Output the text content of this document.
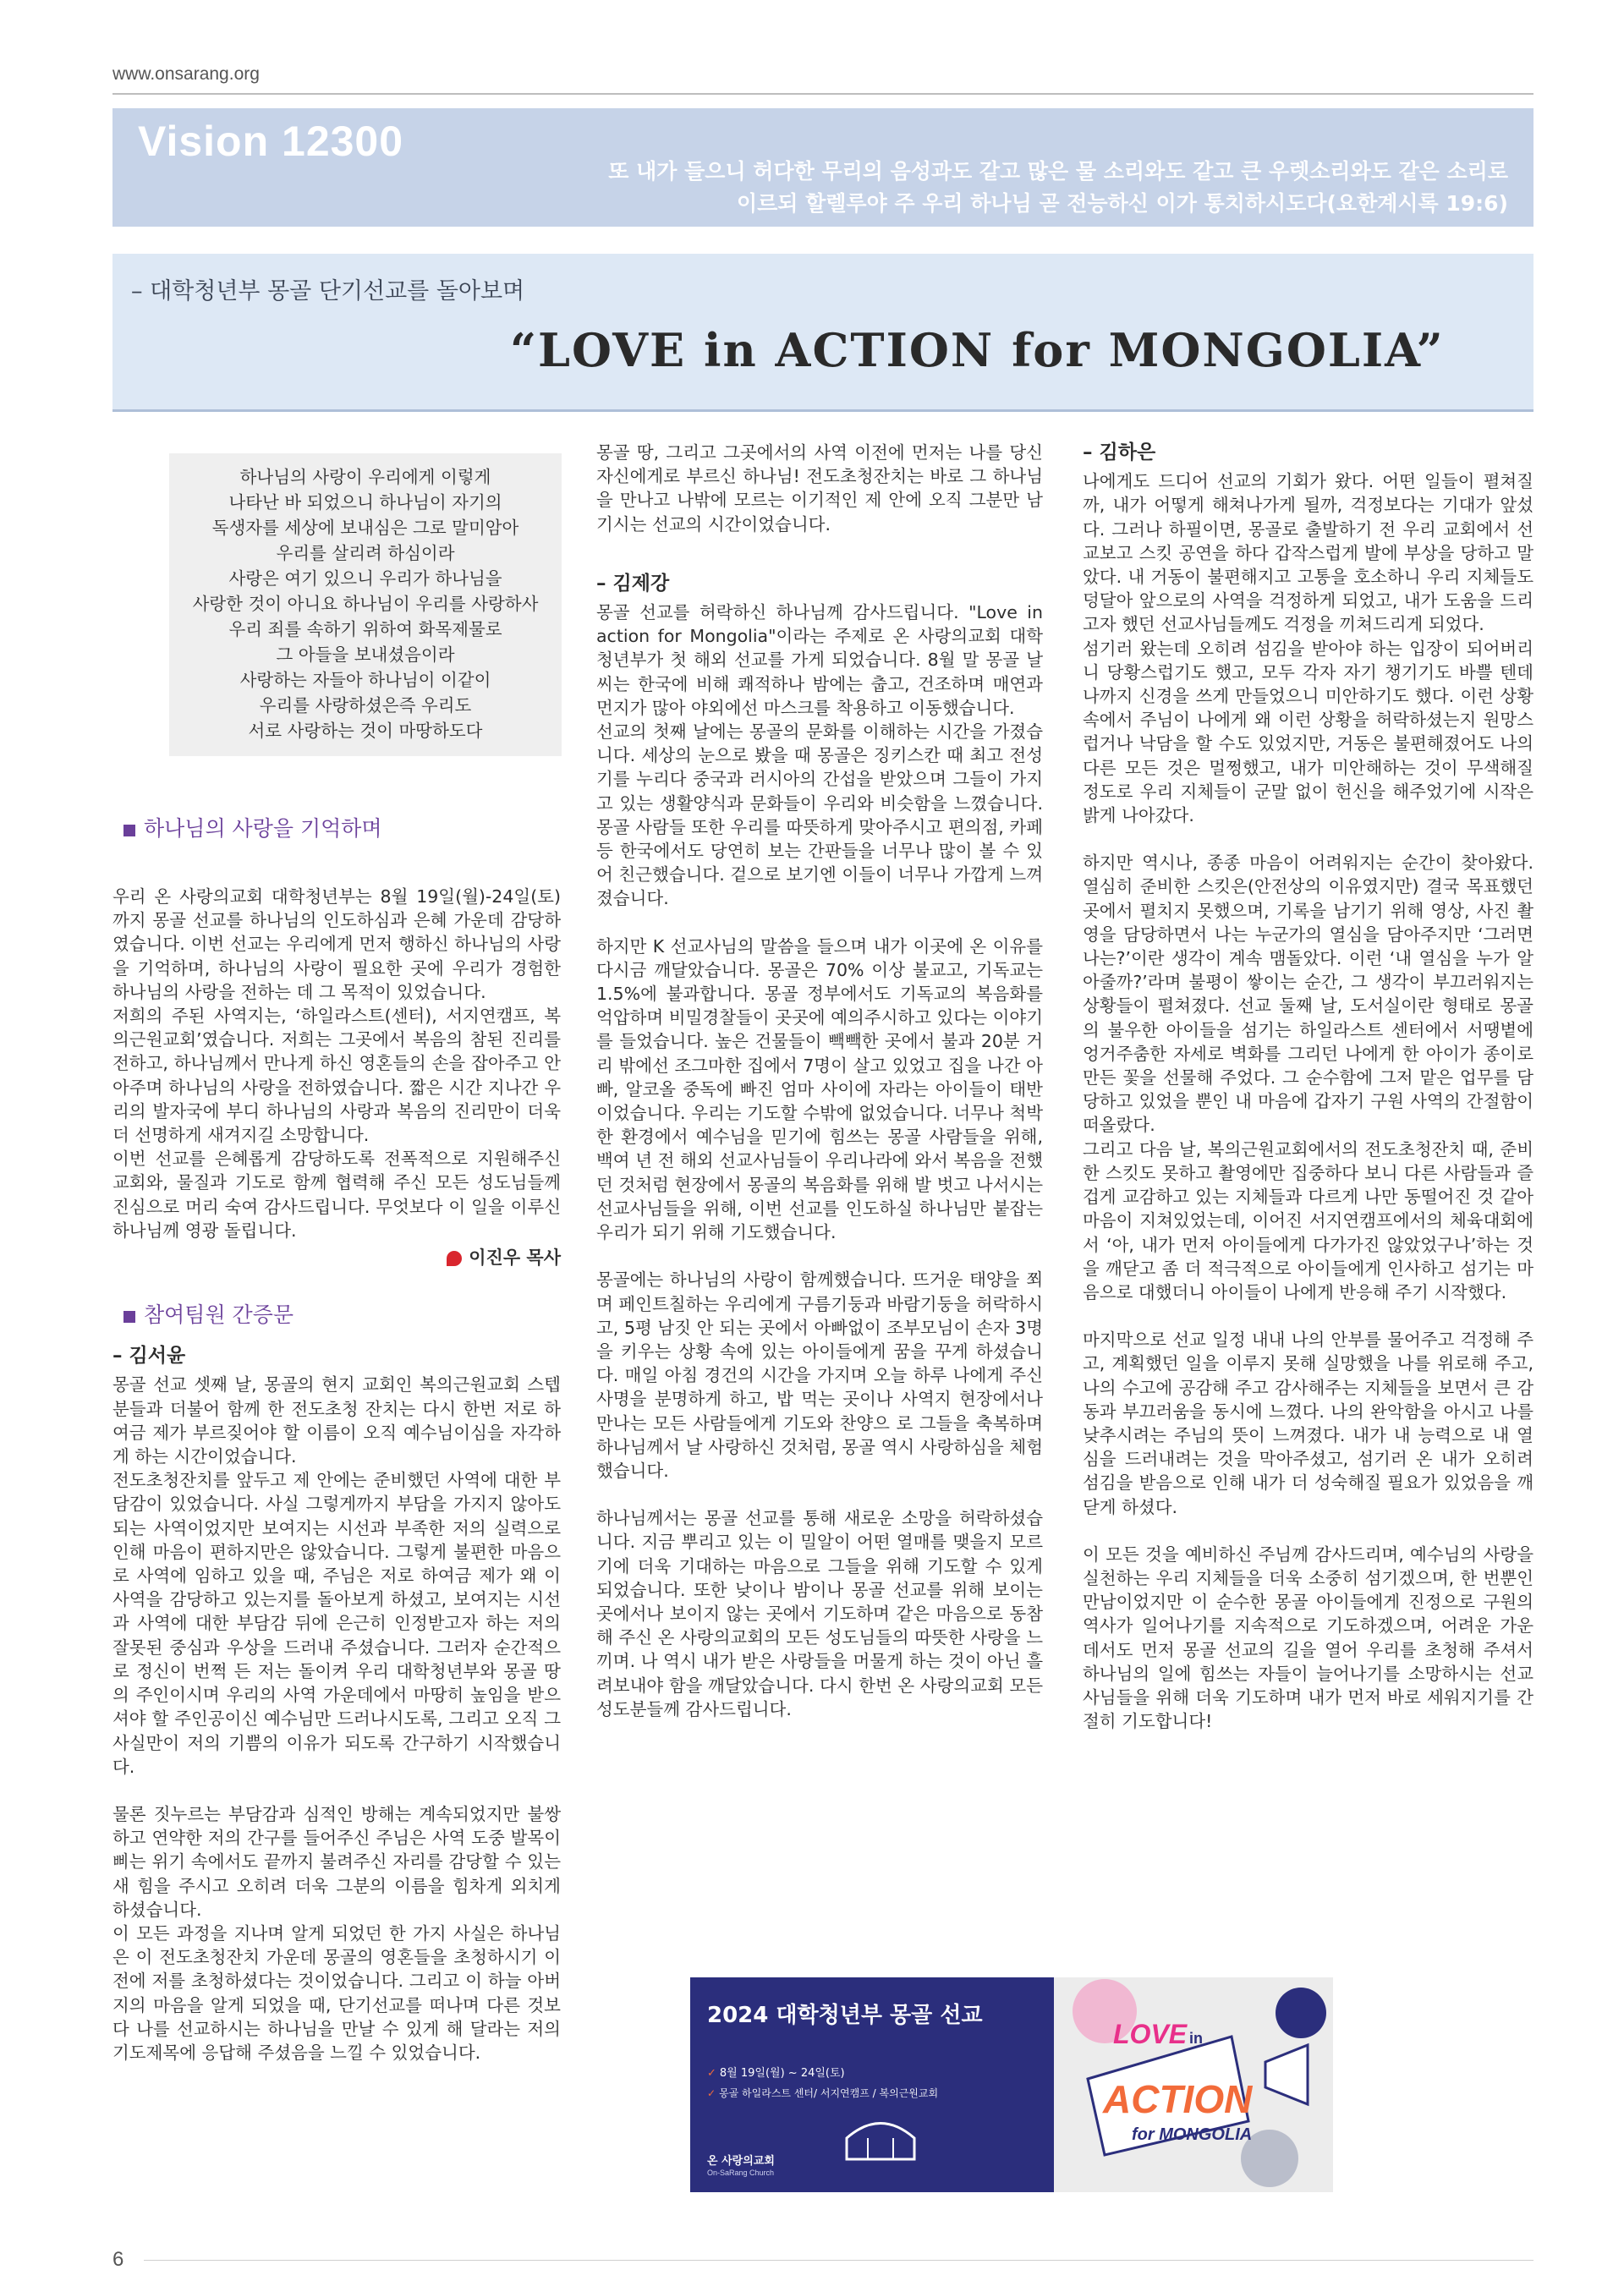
www.onsarang.org
Vision 12300
또 내가 들으니 허다한 무리의 음성과도 같고 많은 물 소리와도 같고 큰 우렛소리와도 같은 소리로
이르되 할렐루야 주 우리 하나님 곧 전능하신 이가 통치하시도다(요한계시록 19:6)
– 대학청년부 몽골 단기선교를 돌아보며
“LOVE in ACTION for MONGOLIA”
하나님의 사랑이 우리에게 이렇게
나타난 바 되었으니 하나님이 자기의
독생자를 세상에 보내심은 그로 말미암아
우리를 살리려 하심이라
사랑은 여기 있으니 우리가 하나님을
사랑한 것이 아니요 하나님이 우리를 사랑하사
우리 죄를 속하기 위하여 화목제물로
그 아들을 보내셨음이라
사랑하는 자들아 하나님이 이같이
우리를 사랑하셨은즉 우리도
서로 사랑하는 것이 마땅하도다
하나님의 사랑을 기억하며

우리 온 사랑의교회 대학청년부는 8월 19일(월)-24일(토)까지 몽골 선교를 하나님의 인도하심과 은혜 가운데 감당하였습니다. 이번 선교는 우리에게 먼저 행하신 하나님의 사랑을 기억하며, 하나님의 사랑이 필요한 곳에 우리가 경험한 하나님의 사랑을 전하는 데 그 목적이 있었습니다.

저희의 주된 사역지는, ‘하일라스트(센터), 서지연캠프, 복의근원교회’였습니다. 저희는 그곳에서 복음의 참된 진리를 전하고, 하나님께서 만나게 하신 영혼들의 손을 잡아주고 안아주며 하나님의 사랑을 전하였습니다. 짧은 시간 지나간 우리의 발자국에 부디 하나님의 사랑과 복음의 진리만이 더욱더 선명하게 새겨지길 소망합니다.

이번 선교를 은혜롭게 감당하도록 전폭적으로 지원해주신 교회와, 물질과 기도로 함께 협력해 주신 모든 성도님들께 진심으로 머리 숙여 감사드립니다. 무엇보다 이 일을 이루신 하나님께 영광 돌립니다.

이진우 목사
– 김서윤

몽골 선교 셋째 날, 몽골의 현지 교회인 복의근원교회 스텝 분들과 더불어 함께 한 전도초청 잔치는 다시 한번 저로 하여금 제가 부르짖어야 할 이름이 오직 예수님이심을 자각하게 하는 시간이었습니다.

전도초청잔치를 앞두고 제 안에는 준비했던 사역에 대한 부담감이 있었습니다. 사실 그렇게까지 부담을 가지지 않아도 되는 사역이었지만 보여지는 시선과 부족한 저의 실력으로 인해 마음이 편하지만은 않았습니다. 그렇게 불편한 마음으로 사역에 임하고 있을 때, 주님은 저로 하여금 제가 왜 이 사역을 감당하고 있는지를 돌아보게 하셨고, 보여지는 시선과 사역에 대한 부담감 뒤에 은근히 인정받고자 하는 저의 잘못된 중심과 우상을 드러내 주셨습니다. 그러자 순간적으로 정신이 번쩍 든 저는 돌이켜 우리 대학청년부와 몽골 땅의 주인이시며 우리의 사역 가운데에서 마땅히 높임을 받으셔야 할 주인공이신 예수님만 드러나시도록, 그리고 오직 그 사실만이 저의 기쁨의 이유가 되도록 간구하기 시작했습니다.

물론 짓누르는 부담감과 심적인 방해는 계속되었지만 불쌍하고 연약한 저의 간구를 들어주신 주님은 사역 도중 발목이 삐는 위기 속에서도 끝까지 불려주신 자리를 감당할 수 있는 새 힘을 주시고 오히려 더욱 그분의 이름을 힘차게 외치게 하셨습니다.

이 모든 과정을 지나며 알게 되었던 한 가지 사실은 하나님은 이 전도초청잔치 가운데 몽골의 영혼들을 초청하시기 이전에 저를 초청하셨다는 것이었습니다. 그리고 이 하늘 아버지의 마음을 알게 되었을 때, 단기선교를 떠나며 다른 것보다 나를 선교하시는 하나님을 만날 수 있게 해 달라는 저의 기도제목에 응답해 주셨음을 느낄 수 있었습니다.

참여팀원 간증문

몽골 땅, 그리고 그곳에서의 사역 이전에 먼저는 나를 당신 자신에게로 부르신 하나님! 전도초청잔치는 바로 그 하나님을 만나고 나밖에 모르는 이기적인 제 안에 오직 그분만 남기시는 선교의 시간이었습니다.

– 김제강

몽골 선교를 허락하신 하나님께 감사드립니다. "Love in action for Mongolia"이라는 주제로 온 사랑의교회 대학청년부가 첫 해외 선교를 가게 되었습니다. 8월 말 몽골 날씨는 한국에 비해 쾌적하나 밤에는 춥고, 건조하며 매연과 먼지가 많아 야외에선 마스크를 착용하고 이동했습니다.

선교의 첫째 날에는 몽골의 문화를 이해하는 시간을 가졌습니다. 세상의 눈으로 봤을 때 몽골은 징키스칸 때 최고 전성기를 누리다 중국과 러시아의 간섭을 받았으며 그들이 가지고 있는 생활양식과 문화들이 우리와 비슷함을 느꼈습니다. 몽골 사람들 또한 우리를 따뜻하게 맞아주시고 편의점, 카페 등 한국에서도 당연히 보는 간판들을 너무나 많이 볼 수 있어 친근했습니다. 겉으로 보기엔 이들이 너무나 가깝게 느껴졌습니다.

하지만 K 선교사님의 말씀을 들으며 내가 이곳에 온 이유를 다시금 깨달았습니다. 몽골은 70% 이상 불교고, 기독교는 1.5%에 불과합니다. 몽골 정부에서도 기독교의 복음화를 억압하며 비밀경찰들이 곳곳에 예의주시하고 있다는 이야기를 들었습니다. 높은 건물들이 빽빽한 곳에서 불과 20분 거리 밖에선 조그마한 집에서 7명이 살고 있었고 집을 나간 아빠, 알코올 중독에 빠진 엄마 사이에 자라는 아이들이 태반이었습니다. 우리는 기도할 수밖에 없었습니다. 너무나 척박한 환경에서 예수님을 믿기에 힘쓰는 몽골 사람들을 위해, 백여 년 전 해외 선교사님들이 우리나라에 와서 복음을 전했던 것처럼 현장에서 몽골의 복음화를 위해 발 벗고 나서시는 선교사님들을 위해, 이번 선교를 인도하실 하나님만 붙잡는 우리가 되기 위해 기도했습니다.

몽골에는 하나님의 사랑이 함께했습니다. 뜨거운 태양을 쬐며 페인트칠하는 우리에게 구름기둥과 바람기둥을 허락하시고, 5평 남짓 안 되는 곳에서 아빠없이 조부모님이 손자 3명을 키우는 상황 속에 있는 아이들에게 꿈을 꾸게 하셨습니다. 매일 아침 경건의 시간을 가지며 오늘 하루 나에게 주신 사명을 분명하게 하고, 밥 먹는 곳이나 사역지 현장에서나 만나는 모든 사람들에게 기도와 찬양으 로 그들을 축복하며 하나님께서 날 사랑하신 것처럼, 몽골 역시 사랑하심을 체험했습니다.

하나님께서는 몽골 선교를 통해 새로운 소망을 허락하셨습니다. 지금 뿌리고 있는 이 밀알이 어떤 열매를 맺을지 모르기에 더욱 기대하는 마음으로 그들을 위해 기도할 수 있게 되었습니다. 또한 낮이나 밤이나 몽골 선교를 위해 보이는 곳에서나 보이지 않는 곳에서 기도하며 같은 마음으로 동참해 주신 온 사랑의교회의 모든 성도님들의 따뜻한 사랑을 느끼며. 나 역시 내가 받은 사랑들을 머물게 하는 것이 아닌 흘려보내야 함을 깨달았습니다. 다시 한번 온 사랑의교회 모든 성도분들께 감사드립니다.

– 김하은

나에게도 드디어 선교의 기회가 왔다. 어떤 일들이 펼쳐질까, 내가 어떻게 해쳐나가게 될까, 걱정보다는 기대가 앞섰다. 그러나 하필이면, 몽골로 출발하기 전 우리 교회에서 선교보고 스킷 공연을 하다 갑작스럽게 발에 부상을 당하고 말았다. 내 거동이 불편해지고 고통을 호소하니 우리 지체들도 덩달아 앞으로의 사역을 걱정하게 되었고, 내가 도움을 드리고자 했던 선교사님들께도 걱정을 끼쳐드리게 되었다.

섬기러 왔는데 오히려 섬김을 받아야 하는 입장이 되어버리니 당황스럽기도 했고, 모두 각자 자기 챙기기도 바쁠 텐데 나까지 신경을 쓰게 만들었으니 미안하기도 했다. 이런 상황 속에서 주님이 나에게 왜 이런 상황을 허락하셨는지 원망스럽거나 낙담을 할 수도 있었지만, 거동은 불편해졌어도 나의 다른 모든 것은 멀쩡했고, 내가 미안해하는 것이 무색해질 정도로 우리 지체들이 군말 없이 헌신을 해주었기에 시작은 밝게 나아갔다.

하지만 역시나, 종종 마음이 어려워지는 순간이 찾아왔다. 열심히 준비한 스킷은(안전상의 이유였지만) 결국 목표했던 곳에서 펼치지 못했으며, 기록을 남기기 위해 영상, 사진 촬영을 담당하면서 나는 누군가의 열심을 담아주지만 ‘그러면 나는?’이란 생각이 계속 맴돌았다. 이런 ‘내 열심을 누가 알아줄까?’라며 불평이 쌓이는 순간, 그 생각이 부끄러워지는 상황들이 펼쳐졌다. 선교 둘째 날, 도서실이란 형태로 몽골의 불우한 아이들을 섬기는 하일라스트 센터에서 서땡볕에 엉거주춤한 자세로 벽화를 그리던 나에게 한 아이가 종이로 만든 꽃을 선물해 주었다. 그 순수함에 그저 맡은 업무를 담당하고 있었을 뿐인 내 마음에 갑자기 구원 사역의 간절함이 떠올랐다.

그리고 다음 날, 복의근원교회에서의 전도초청잔치 때, 준비한 스킷도 못하고 촬영에만 집중하다 보니 다른 사람들과 즐겁게 교감하고 있는 지체들과 다르게 나만 동떨어진 것 같아 마음이 지쳐있었는데, 이어진 서지연캠프에서의 체육대회에서 ‘아, 내가 먼저 아이들에게 다가가진 않았었구나’하는 것을 깨닫고 좀 더 적극적으로 아이들에게 인사하고 섬기는 마음으로 대했더니 아이들이 나에게 반응해 주기 시작했다.

마지막으로 선교 일정 내내 나의 안부를 물어주고 걱정해 주고, 계획했던 일을 이루지 못해 실망했을 나를 위로해 주고, 나의 수고에 공감해 주고 감사해주는 지체들을 보면서 큰 감동과 부끄러움을 동시에 느꼈다. 나의 완악함을 아시고 나를 낮추시려는 주님의 뜻이 느껴졌다. 내가 내 능력으로 내 열심을 드러내려는 것을 막아주셨고, 섬기러 온 내가 오히려 섬김을 받음으로 인해 내가 더 성숙해질 필요가 있었음을 깨닫게 하셨다.

이 모든 것을 예비하신 주님께 감사드리며, 예수님의 사랑을 실천하는 우리 지체들을 더욱 소중히 섬기겠으며, 한 번뿐인 만남이었지만 이 순수한 몽골 아이들에게 진정으로 구원의 역사가 일어나기를 지속적으로 기도하겠으며, 어려운 가운데서도 먼저 몽골 선교의 길을 열어 우리를 초청해 주셔서 하나님의 일에 힘쓰는 자들이 늘어나기를 소망하시는 선교사님들을 위해 더욱 기도하며 내가 먼저 바로 세워지기를 간절히 기도합니다!

2024 대학청년부 몽골 선교
✓ 8월 19일(월) ~ 24일(토)
✓ 몽골 하일라스트 센터/ 서지연캠프 / 복의근원교회
온 사랑의교회
On-SaRang Church
LOVE in
ACTION
for MONGOLIA
6
